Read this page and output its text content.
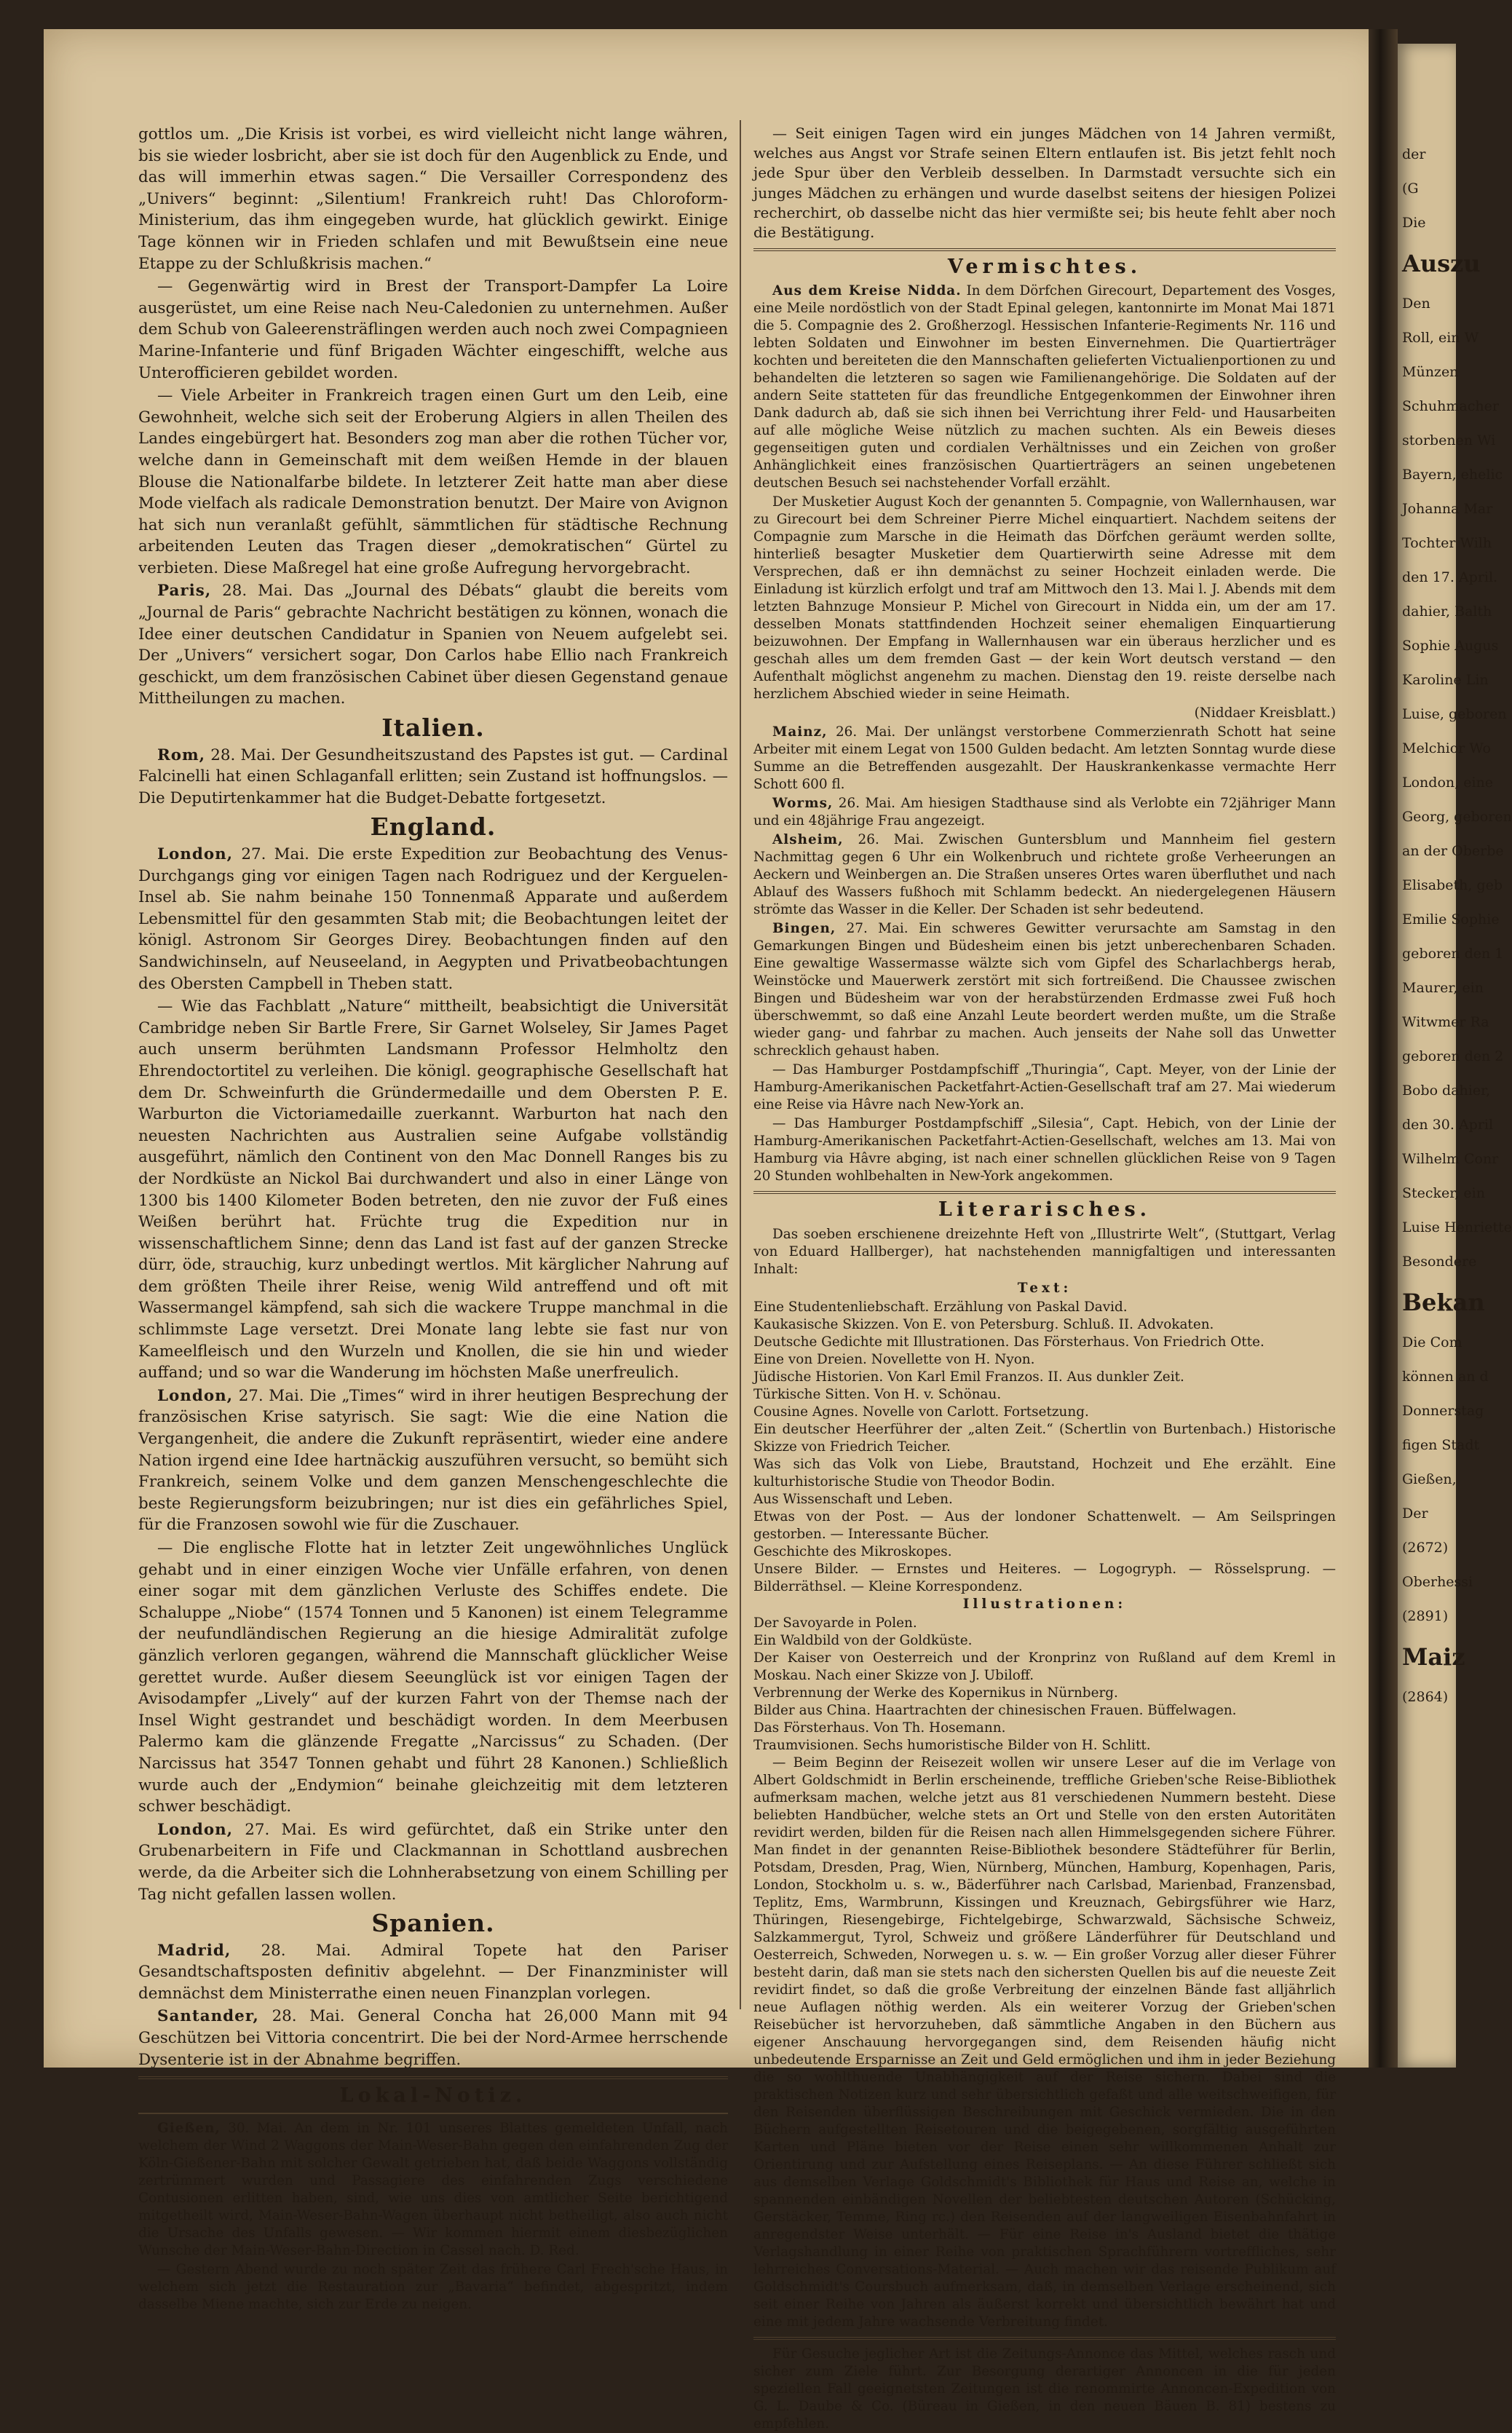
der
(G
Die
Auszu
Den
Roll, ein W
Münzen
Schuhmacher
storbenen Wi
Bayern, ehelic
Johanna Mar
Tochter Wilh
den 17. April.
dahier, Balth
Sophie Augus
Karoline Lin
Luise, geboren
Melchior Wo
London, eine
Georg, geboren
an der Oberbe
Elisabeth, geb
Emilie Sophie
geboren den 1
Maurer, ein
Witwmer Ra
geboren den 2
Bobo dahier,
den 30. April
Wilhelm Conr
Stecker, ein
Luise Henriette
Besondere
Bekan
Die Com
können an d
Donnerstag
figen Stadt
Gießen,
Der
(2672)
Oberhessi
(2891)
Maiz
(2864)

gottlos um. „Die Krisis ist vorbei, es wird vielleicht nicht lange währen, bis sie wieder losbricht, aber sie ist doch für den Augenblick zu Ende, und das will immerhin etwas sagen.“ Die Versailler Correspondenz des „Univers“ beginnt: „Silentium! Frankreich ruht! Das Chloroform-Ministerium, das ihm eingegeben wurde, hat glücklich gewirkt. Einige Tage können wir in Frieden schlafen und mit Bewußtsein eine neue Etappe zu der Schlußkrisis machen.“

— Gegenwärtig wird in Brest der Transport-Dampfer La Loire ausgerüstet, um eine Reise nach Neu-Caledonien zu unternehmen. Außer dem Schub von Galeerensträflingen werden auch noch zwei Compagnieen Marine-Infanterie und fünf Brigaden Wächter eingeschifft, welche aus Unterofficieren gebildet worden.

— Viele Arbeiter in Frankreich tragen einen Gurt um den Leib, eine Gewohnheit, welche sich seit der Eroberung Algiers in allen Theilen des Landes eingebürgert hat. Besonders zog man aber die rothen Tücher vor, welche dann in Gemeinschaft mit dem weißen Hemde in der blauen Blouse die Nationalfarbe bildete. In letzterer Zeit hatte man aber diese Mode vielfach als radicale Demonstration benutzt. Der Maire von Avignon hat sich nun veranlaßt gefühlt, sämmtlichen für städtische Rechnung arbeitenden Leuten das Tragen dieser „demokratischen“ Gürtel zu verbieten. Diese Maßregel hat eine große Aufregung hervorgebracht.

Paris, 28. Mai. Das „Journal des Débats“ glaubt die bereits vom „Journal de Paris“ gebrachte Nachricht bestätigen zu können, wonach die Idee einer deutschen Candidatur in Spanien von Neuem aufgelebt sei. Der „Univers“ versichert sogar, Don Carlos habe Ellio nach Frankreich geschickt, um dem französischen Cabinet über diesen Gegenstand genaue Mittheilungen zu machen.

Italien.

Rom, 28. Mai. Der Gesundheitszustand des Papstes ist gut. — Cardinal Falcinelli hat einen Schlaganfall erlitten; sein Zustand ist hoffnungslos. — Die Deputirtenkammer hat die Budget-Debatte fortgesetzt.

England.

London, 27. Mai. Die erste Expedition zur Beobachtung des Venus-Durchgangs ging vor einigen Tagen nach Rodriguez und der Kerguelen-Insel ab. Sie nahm beinahe 150 Tonnenmaß Apparate und außerdem Lebensmittel für den gesammten Stab mit; die Beobachtungen leitet der königl. Astronom Sir Georges Direy. Beobachtungen finden auf den Sandwichinseln, auf Neuseeland, in Aegypten und Privatbeobachtungen des Obersten Campbell in Theben statt.

— Wie das Fachblatt „Nature“ mittheilt, beabsichtigt die Universität Cambridge neben Sir Bartle Frere, Sir Garnet Wolseley, Sir James Paget auch unserm berühmten Landsmann Professor Helmholtz den Ehrendoctortitel zu verleihen. Die königl. geographische Gesellschaft hat dem Dr. Schweinfurth die Gründermedaille und dem Obersten P. E. Warburton die Victoriamedaille zuerkannt. Warburton hat nach den neuesten Nachrichten aus Australien seine Aufgabe vollständig ausgeführt, nämlich den Continent von den Mac Donnell Ranges bis zu der Nordküste an Nickol Bai durchwandert und also in einer Länge von 1300 bis 1400 Kilometer Boden betreten, den nie zuvor der Fuß eines Weißen berührt hat. Früchte trug die Expedition nur in wissenschaftlichem Sinne; denn das Land ist fast auf der ganzen Strecke dürr, öde, strauchig, kurz unbedingt wertlos. Mit kärglicher Nahrung auf dem größten Theile ihrer Reise, wenig Wild antreffend und oft mit Wassermangel kämpfend, sah sich die wackere Truppe manchmal in die schlimmste Lage versetzt. Drei Monate lang lebte sie fast nur von Kameelfleisch und den Wurzeln und Knollen, die sie hin und wieder auffand; und so war die Wanderung im höchsten Maße unerfreulich.

London, 27. Mai. Die „Times“ wird in ihrer heutigen Besprechung der französischen Krise satyrisch. Sie sagt: Wie die eine Nation die Vergangenheit, die andere die Zukunft repräsentirt, wieder eine andere Nation irgend eine Idee hartnäckig auszuführen versucht, so bemüht sich Frankreich, seinem Volke und dem ganzen Menschengeschlechte die beste Regierungsform beizubringen; nur ist dies ein gefährliches Spiel, für die Franzosen sowohl wie für die Zuschauer.

— Die englische Flotte hat in letzter Zeit ungewöhnliches Unglück gehabt und in einer einzigen Woche vier Unfälle erfahren, von denen einer sogar mit dem gänzlichen Verluste des Schiffes endete. Die Schaluppe „Niobe“ (1574 Tonnen und 5 Kanonen) ist einem Telegramme der neufundländischen Regierung an die hiesige Admiralität zufolge gänzlich verloren gegangen, während die Mannschaft glücklicher Weise gerettet wurde. Außer diesem Seeunglück ist vor einigen Tagen der Avisodampfer „Lively“ auf der kurzen Fahrt von der Themse nach der Insel Wight gestrandet und beschädigt worden. In dem Meerbusen Palermo kam die glänzende Fregatte „Narcissus“ zu Schaden. (Der Narcissus hat 3547 Tonnen gehabt und führt 28 Kanonen.) Schließlich wurde auch der „Endymion“ beinahe gleichzeitig mit dem letzteren schwer beschädigt.

London, 27. Mai. Es wird gefürchtet, daß ein Strike unter den Grubenarbeitern in Fife und Clackmannan in Schottland ausbrechen werde, da die Arbeiter sich die Lohnherabsetzung von einem Schilling per Tag nicht gefallen lassen wollen.

Spanien.

Madrid, 28. Mai. Admiral Topete hat den Pariser Gesandtschaftsposten definitiv abgelehnt. — Der Finanzminister will demnächst dem Ministerrathe einen neuen Finanzplan vorlegen.

Santander, 28. Mai. General Concha hat 26,000 Mann mit 94 Geschützen bei Vittoria concentrirt. Die bei der Nord-Armee herrschende Dysenterie ist in der Abnahme begriffen.

Lokal-Notiz.

Gießen, 30. Mai. An dem in Nr. 101 unseres Blattes gemeldeten Unfall, nach welchem der Wind 2 Waggons der Main-Weser-Bahn gegen den einfahrenden Zug der Köln-Gießener-Bahn mit solcher Gewalt getrieben hat, daß beide Waggons vollständig zertrümmert wurden und Passagiere des einfahrenden Zugs verschiedene Contusionen erlitten haben, sind, wie uns dies von amtlicher Seite berichtigend mitgetheilt wird, Main-Weser-Bahn-Wagen überhaupt nicht betheiligt, also auch nicht die Ursache des Unfalls gewesen. — Wir kommen hiermit einem diesbezüglichen Wunsche der Main-Weser-Bahn-Direction in Cassel nach. D. Red.

— Gestern Abend wurde zu noch später Zeit das frühere Carl Frech'sche Haus, in welchem sich jetzt die Restauration zur „Bavaria“ befindet, abgespritzt, indem dasselbe Miene machte, sich zur Erde zu neigen.

— Seit einigen Tagen wird ein junges Mädchen von 14 Jahren vermißt, welches aus Angst vor Strafe seinen Eltern entlaufen ist. Bis jetzt fehlt noch jede Spur über den Verbleib desselben. In Darmstadt versuchte sich ein junges Mädchen zu erhängen und wurde daselbst seitens der hiesigen Polizei recherchirt, ob dasselbe nicht das hier vermißte sei; bis heute fehlt aber noch die Bestätigung.

Vermischtes.

Aus dem Kreise Nidda. In dem Dörfchen Girecourt, Departement des Vosges, eine Meile nordöstlich von der Stadt Epinal gelegen, kantonnirte im Monat Mai 1871 die 5. Compagnie des 2. Großherzogl. Hessischen Infanterie-Regiments Nr. 116 und lebten Soldaten und Einwohner im besten Einvernehmen. Die Quartierträger kochten und bereiteten die den Mannschaften gelieferten Victualienportionen zu und behandelten die letzteren so sagen wie Familienangehörige. Die Soldaten auf der andern Seite statteten für das freundliche Entgegenkommen der Einwohner ihren Dank dadurch ab, daß sie sich ihnen bei Verrichtung ihrer Feld- und Hausarbeiten auf alle mögliche Weise nützlich zu machen suchten. Als ein Beweis dieses gegenseitigen guten und cordialen Verhältnisses und ein Zeichen von großer Anhänglichkeit eines französischen Quartierträgers an seinen ungebetenen deutschen Besuch sei nachstehender Vorfall erzählt.

Der Musketier August Koch der genannten 5. Compagnie, von Wallernhausen, war zu Girecourt bei dem Schreiner Pierre Michel einquartiert. Nachdem seitens der Compagnie zum Marsche in die Heimath das Dörfchen geräumt werden sollte, hinterließ besagter Musketier dem Quartierwirth seine Adresse mit dem Versprechen, daß er ihn demnächst zu seiner Hochzeit einladen werde. Die Einladung ist kürzlich erfolgt und traf am Mittwoch den 13. Mai l. J. Abends mit dem letzten Bahnzuge Monsieur P. Michel von Girecourt in Nidda ein, um der am 17. desselben Monats stattfindenden Hochzeit seiner ehemaligen Einquartierung beizuwohnen. Der Empfang in Wallernhausen war ein überaus herzlicher und es geschah alles um dem fremden Gast — der kein Wort deutsch verstand — den Aufenthalt möglichst angenehm zu machen. Dienstag den 19. reiste derselbe nach herzlichem Abschied wieder in seine Heimath.

(Niddaer Kreisblatt.)

Mainz, 26. Mai. Der unlängst verstorbene Commerzienrath Schott hat seine Arbeiter mit einem Legat von 1500 Gulden bedacht. Am letzten Sonntag wurde diese Summe an die Betreffenden ausgezahlt. Der Hauskrankenkasse vermachte Herr Schott 600 fl.

Worms, 26. Mai. Am hiesigen Stadthause sind als Verlobte ein 72jähriger Mann und ein 48jährige Frau angezeigt.

Alsheim, 26. Mai. Zwischen Guntersblum und Mannheim fiel gestern Nachmittag gegen 6 Uhr ein Wolkenbruch und richtete große Verheerungen an Aeckern und Weinbergen an. Die Straßen unseres Ortes waren überfluthet und nach Ablauf des Wassers fußhoch mit Schlamm bedeckt. An niedergelegenen Häusern strömte das Wasser in die Keller. Der Schaden ist sehr bedeutend.

Bingen, 27. Mai. Ein schweres Gewitter verursachte am Samstag in den Gemarkungen Bingen und Büdesheim einen bis jetzt unberechenbaren Schaden. Eine gewaltige Wassermasse wälzte sich vom Gipfel des Scharlachbergs herab, Weinstöcke und Mauerwerk zerstört mit sich fortreißend. Die Chaussee zwischen Bingen und Büdesheim war von der herabstürzenden Erdmasse zwei Fuß hoch überschwemmt, so daß eine Anzahl Leute beordert werden mußte, um die Straße wieder gang- und fahrbar zu machen. Auch jenseits der Nahe soll das Unwetter schrecklich gehaust haben.

— Das Hamburger Postdampfschiff „Thuringia“, Capt. Meyer, von der Linie der Hamburg-Amerikanischen Packetfahrt-Actien-Gesellschaft traf am 27. Mai wiederum eine Reise via Hâvre nach New-York an.

— Das Hamburger Postdampfschiff „Silesia“, Capt. Hebich, von der Linie der Hamburg-Amerikanischen Packetfahrt-Actien-Gesellschaft, welches am 13. Mai von Hamburg via Hâvre abging, ist nach einer schnellen glücklichen Reise von 9 Tagen 20 Stunden wohlbehalten in New-York angekommen.

Literarisches.

Das soeben erschienene dreizehnte Heft von „Illustrirte Welt“, (Stuttgart, Verlag von Eduard Hallberger), hat nachstehenden mannigfaltigen und interessanten Inhalt:

Text:

Eine Studentenliebschaft. Erzählung von Paskal David.

Kaukasische Skizzen. Von E. von Petersburg. Schluß. II. Advokaten.

Deutsche Gedichte mit Illustrationen. Das Försterhaus. Von Friedrich Otte.

Eine von Dreien. Novellette von H. Nyon.

Jüdische Historien. Von Karl Emil Franzos. II. Aus dunkler Zeit.

Türkische Sitten. Von H. v. Schönau.

Cousine Agnes. Novelle von Carlott. Fortsetzung.

Ein deutscher Heerführer der „alten Zeit.“ (Schertlin von Burtenbach.) Historische Skizze von Friedrich Teicher.

Was sich das Volk von Liebe, Brautstand, Hochzeit und Ehe erzählt. Eine kulturhistorische Studie von Theodor Bodin.

Aus Wissenschaft und Leben.

Etwas von der Post. — Aus der londoner Schattenwelt. — Am Seilspringen gestorben. — Interessante Bücher.

Geschichte des Mikroskopes.

Unsere Bilder. — Ernstes und Heiteres. — Logogryph. — Rösselsprung. — Bilderräthsel. — Kleine Korrespondenz.

Illustrationen:

Der Savoyarde in Polen.

Ein Waldbild von der Goldküste.

Der Kaiser von Oesterreich und der Kronprinz von Rußland auf dem Kreml in Moskau. Nach einer Skizze von J. Ubiloff.

Verbrennung der Werke des Kopernikus in Nürnberg.

Bilder aus China. Haartrachten der chinesischen Frauen. Büffelwagen.

Das Försterhaus. Von Th. Hosemann.

Traumvisionen. Sechs humoristische Bilder von H. Schlitt.

— Beim Beginn der Reisezeit wollen wir unsere Leser auf die im Verlage von Albert Goldschmidt in Berlin erscheinende, treffliche Grieben'sche Reise-Bibliothek aufmerksam machen, welche jetzt aus 81 verschiedenen Nummern besteht. Diese beliebten Handbücher, welche stets an Ort und Stelle von den ersten Autoritäten revidirt werden, bilden für die Reisen nach allen Himmelsgegenden sichere Führer. Man findet in der genannten Reise-Bibliothek besondere Städteführer für Berlin, Potsdam, Dresden, Prag, Wien, Nürnberg, München, Hamburg, Kopenhagen, Paris, London, Stockholm u. s. w., Bäderführer nach Carlsbad, Marienbad, Franzensbad, Teplitz, Ems, Warmbrunn, Kissingen und Kreuznach, Gebirgsführer wie Harz, Thüringen, Riesengebirge, Fichtelgebirge, Schwarzwald, Sächsische Schweiz, Salzkammergut, Tyrol, Schweiz und größere Länderführer für Deutschland und Oesterreich, Schweden, Norwegen u. s. w. — Ein großer Vorzug aller dieser Führer besteht darin, daß man sie stets nach den sichersten Quellen bis auf die neueste Zeit revidirt findet, so daß die große Verbreitung der einzelnen Bände fast alljährlich neue Auflagen nöthig werden. Als ein weiterer Vorzug der Grieben'schen Reisebücher ist hervorzuheben, daß sämmtliche Angaben in den Büchern aus eigener Anschauung hervorgegangen sind, dem Reisenden häufig nicht unbedeutende Ersparnisse an Zeit und Geld ermöglichen und ihm in jeder Beziehung die so wohlthuende Unabhängigkeit auf der Reise sichern. Dabei sind die praktischen Notizen kurz und sehr übersichtlich gefaßt und alle weitschweifigen, für den Reisenden überflüssigen Beschreibungen mit Geschick vermieden. Die in den Büchern aufgestellten Reisetouren und die beigegebenen, sorgfältig ausgeführten Karten und Pläne bieten vor der Reise einen sehr willkommenen Anhalt zur Orientirung und zur Aufstellung eines Reiseplans. — An diese Führer schließt sich aus demselben Verlage Goldschmidt's Bibliothek für Haus und Reise an, welche in spannenden einbändigen Novellen der beliebtesten deutschen Autoren (Schücking, Gerstäcker, Temme, Ring rc.) den Reisenden auf der langweiligen Eisenbahnfahrt in anregendster Weise unterhält. — Für eine Reise in's Ausland bietet die thätige Verlagshandlung in einer Reihe von praktischen Sprachführern vortreffliches, sehr lehrreiches Conversations-Material. — Auch machen wir das reisende Publikum auf Goldschmidt's Coursbuch aufmerksam, daß, in demselben Verlage erscheinend, sich seit einer Reihe von Jahren als äußerst korrekt und übersichtlich bewährt hat und eine mit jedem Jahre wachsende Verbreitung findet.

Für Gesuche jeglicher Art ist die Zeitungs-Annonce das Mittel, welches rasch und sicher zum Ziele führt. Zur Besorgung derartiger Annoncen in die für jeden speziellen Fall geeignetsten Zeitungen ist die renommirte Annoncen-Expedition von G. L. Daube & Co. (Büreau in Gießen, in den neuen Bäuen B. 81) bestens zu empfehlen.
